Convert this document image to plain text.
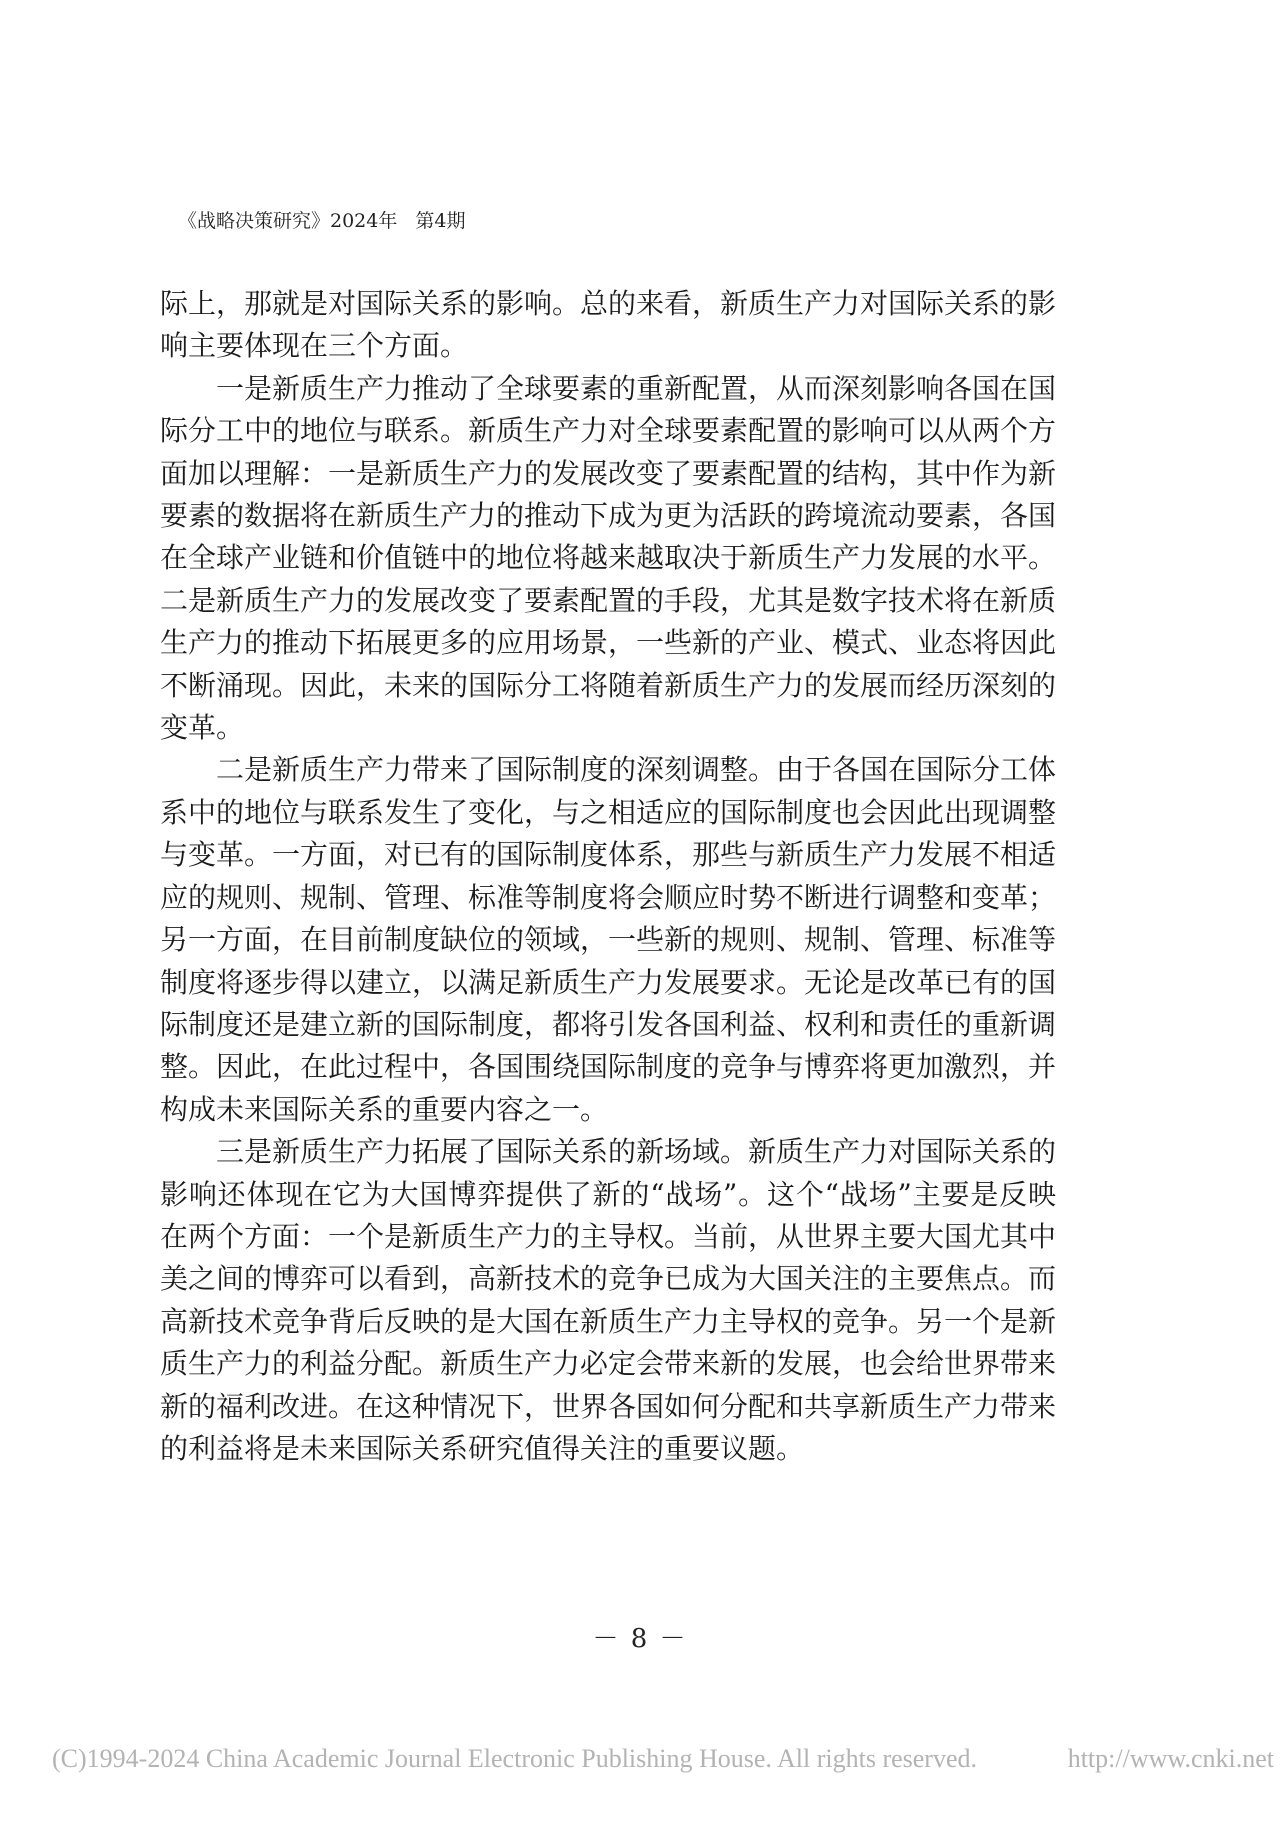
《战略决策研究》2024年 第4期

际上，那就是对国际关系的影响。总的来看，新质生产力对国际关系的影响主要体现在三个方面。

一是新质生产力推动了全球要素的重新配置，从而深刻影响各国在国际分工中的地位与联系。新质生产力对全球要素配置的影响可以从两个方面加以理解：一是新质生产力的发展改变了要素配置的结构，其中作为新要素的数据将在新质生产力的推动下成为更为活跃的跨境流动要素，各国在全球产业链和价值链中的地位将越来越取决于新质生产力发展的水平。二是新质生产力的发展改变了要素配置的手段，尤其是数字技术将在新质生产力的推动下拓展更多的应用场景，一些新的产业、模式、业态将因此不断涌现。因此，未来的国际分工将随着新质生产力的发展而经历深刻的变革。

二是新质生产力带来了国际制度的深刻调整。由于各国在国际分工体系中的地位与联系发生了变化，与之相适应的国际制度也会因此出现调整与变革。一方面，对已有的国际制度体系，那些与新质生产力发展不相适应的规则、规制、管理、标准等制度将会顺应时势不断进行调整和变革；另一方面，在目前制度缺位的领域，一些新的规则、规制、管理、标准等制度将逐步得以建立，以满足新质生产力发展要求。无论是改革已有的国际制度还是建立新的国际制度，都将引发各国利益、权利和责任的重新调整。因此，在此过程中，各国围绕国际制度的竞争与博弈将更加激烈，并构成未来国际关系的重要内容之一。

三是新质生产力拓展了国际关系的新场域。新质生产力对国际关系的影响还体现在它为大国博弈提供了新的“战场”。这个“战场”主要是反映在两个方面：一个是新质生产力的主导权。当前，从世界主要大国尤其中美之间的博弈可以看到，高新技术的竞争已成为大国关注的主要焦点。而高新技术竞争背后反映的是大国在新质生产力主导权的竞争。另一个是新质生产力的利益分配。新质生产力必定会带来新的发展，也会给世界带来新的福利改进。在这种情况下，世界各国如何分配和共享新质生产力带来的利益将是未来国际关系研究值得关注的重要议题。

－ 8 －
(C)1994-2024 China Academic Journal Electronic Publishing House. All rights reserved.	http://www.cnki.net
